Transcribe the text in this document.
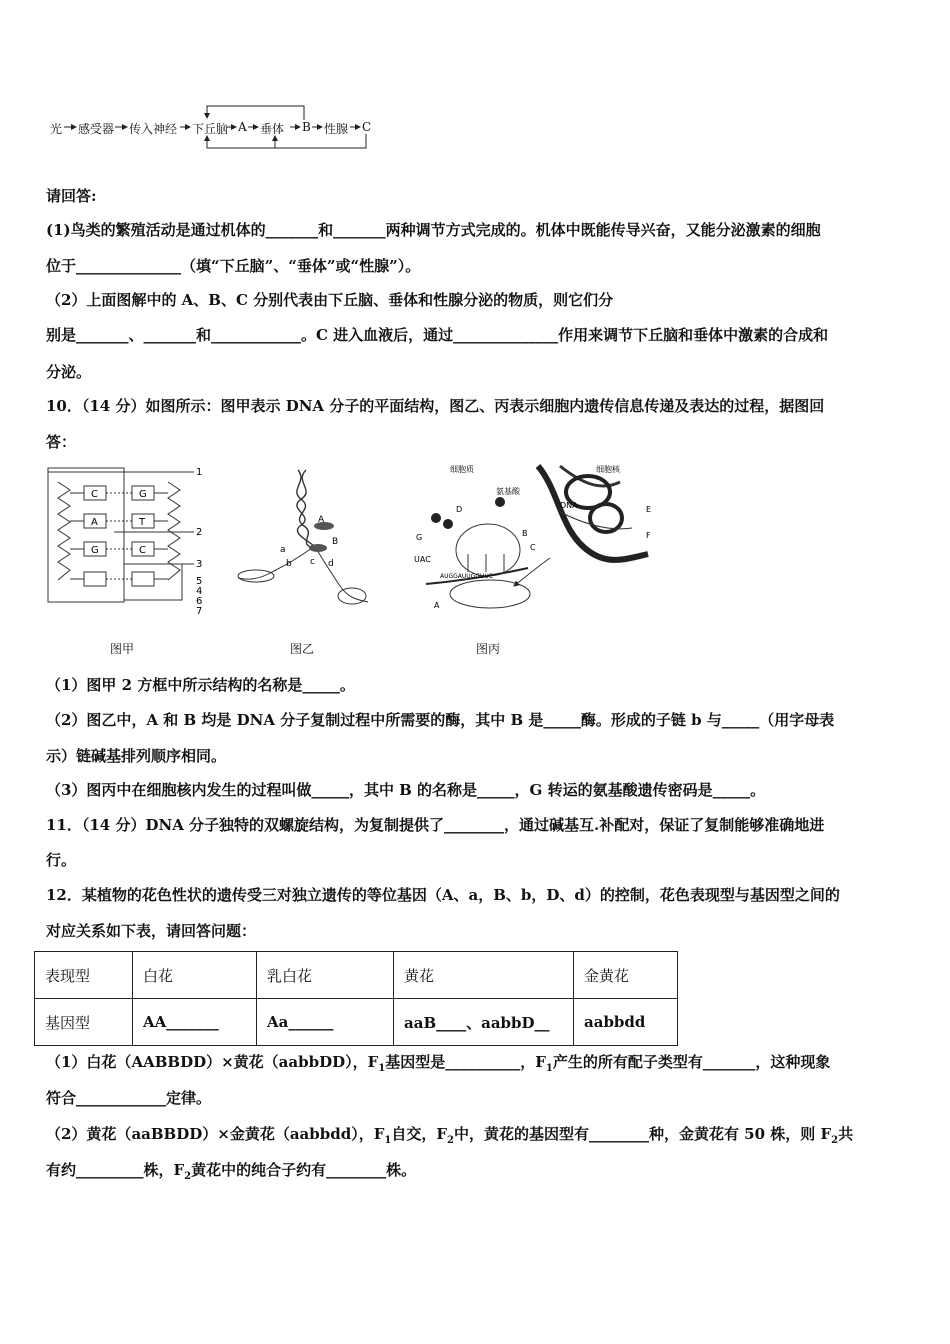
光 感受器 传入神经 下丘脑 A 垂体 B 性腺 C
请回答:
(1)鸟类的繁殖活动是通过机体的_______和_______两种调节方式完成的。机体中既能传导兴奋，又能分泌激素的细胞
位于______________（填“下丘脑”、“垂体”或“性腺”）。
（2）上面图解中的 A、B、C 分别代表由下丘脑、垂体和性腺分泌的物质，则它们分
别是_______、_______和____________。C 进入血液后，通过______________作用来调节下丘脑和垂体中激素的合成和
分泌。
10．（14 分）如图所示：图甲表示 DNA 分子的平面结构，图乙、丙表示细胞内遗传信息传递及表达的过程，据图回
答：
C	G
A	T
G	C
1
2
3
5
4
6
7
A
B
a
b c d
细胞质
氨基酸
细胞核
DNA
D
G
C
E
F
B
A
UAC
AUGGAUUGGUUC
图甲	图乙	图丙
（1）图甲 2 方框中所示结构的名称是_____。
（2）图乙中，A 和 B 均是 DNA 分子复制过程中所需要的酶，其中 B 是_____酶。形成的子链 b 与_____（用字母表
示）链碱基排列顺序相同。
（3）图丙中在细胞核内发生的过程叫做_____，其中 B 的名称是_____，G 转运的氨基酸遗传密码是_____。
11．（14 分）DNA 分子独特的双螺旋结构，为复制提供了________，通过碱基互.补配对，保证了复制能够准确地进
行。
12．某植物的花色性状的遗传受三对独立遗传的等位基因（A、a，B、b，D、d）的控制，花色表现型与基因型之间的
对应关系如下表，请回答问题：
表现型	白花	乳白花	黄花	金黄花
基因型	AA_______	Aa______	aaB____、aabbD__	aabbdd
（1）白花（AABBDD）×黄花（aabbDD），$F_1$基因型是__________，$F_1$产生的所有配子类型有_______，这种现象
符合____________定律。
（2）黄花（aaBBDD）×金黄花（aabbdd），$F_1$自交，$F_2$中，黄花的基因型有________种，金黄花有 50 株，则 $F_2$共
有约_________株，$F_2$黄花中的纯合子约有________株。
